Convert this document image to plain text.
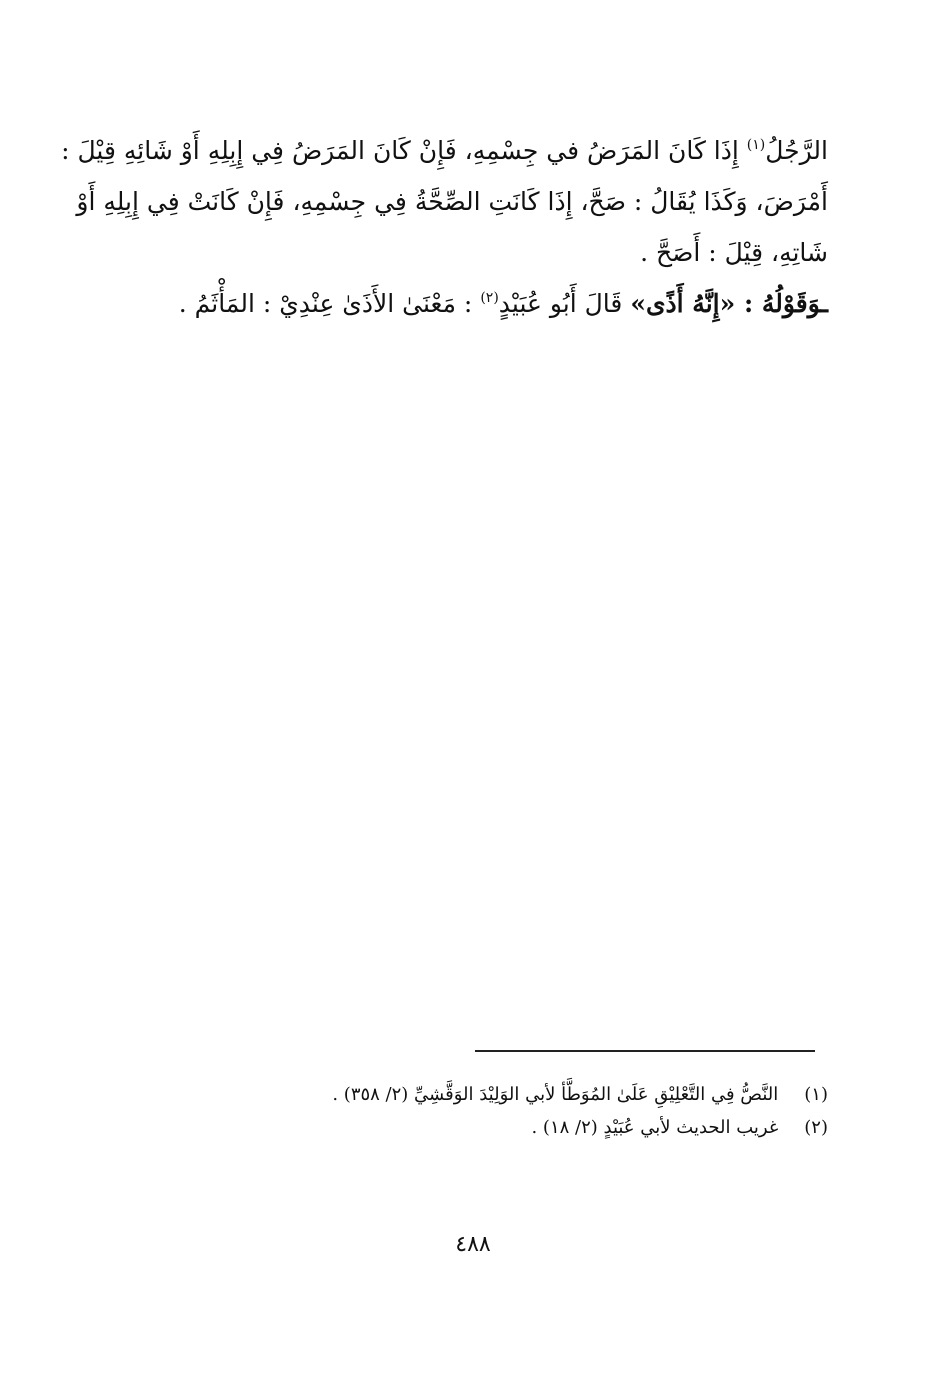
الرَّجُلُ$^{(١)}$ إِذَا كَانَ المَرَضُ في جِسْمِهِ، فَإِنْ كَانَ المَرَضُ فِي إِبِلِهِ أَوْ شَائِهِ قِيْلَ :
أَمْرَضَ، وَكَذَا يُقَالُ : صَحَّ، إِذَا كَانَتِ الصِّحَّةُ فِي جِسْمِهِ، فَإِنْ كَانَتْ فِي إِبِلِهِ أَوْ
شَاتِهِ، قِيْلَ : أَصَحَّ .
ـوَقَوْلُهُ : «إِنَّهُ أَذًى» قَالَ أَبُو عُبَيْدٍ$^{(٢)}$ : مَعْنَىٰ الأَذَىٰ عِنْدِيْ : المَأْثَمُ .
(١) النَّصُّ فِي التَّعْلِيْقِ عَلَىٰ المُوَطَّأ لأبي الوَلِيْدَ الوَقَّشِيِّ (٢/ ٣٥٨) .
(٢) غريب الحديث لأبي عُبَيْدٍ (٢/ ١٨) .
٤٨٨
